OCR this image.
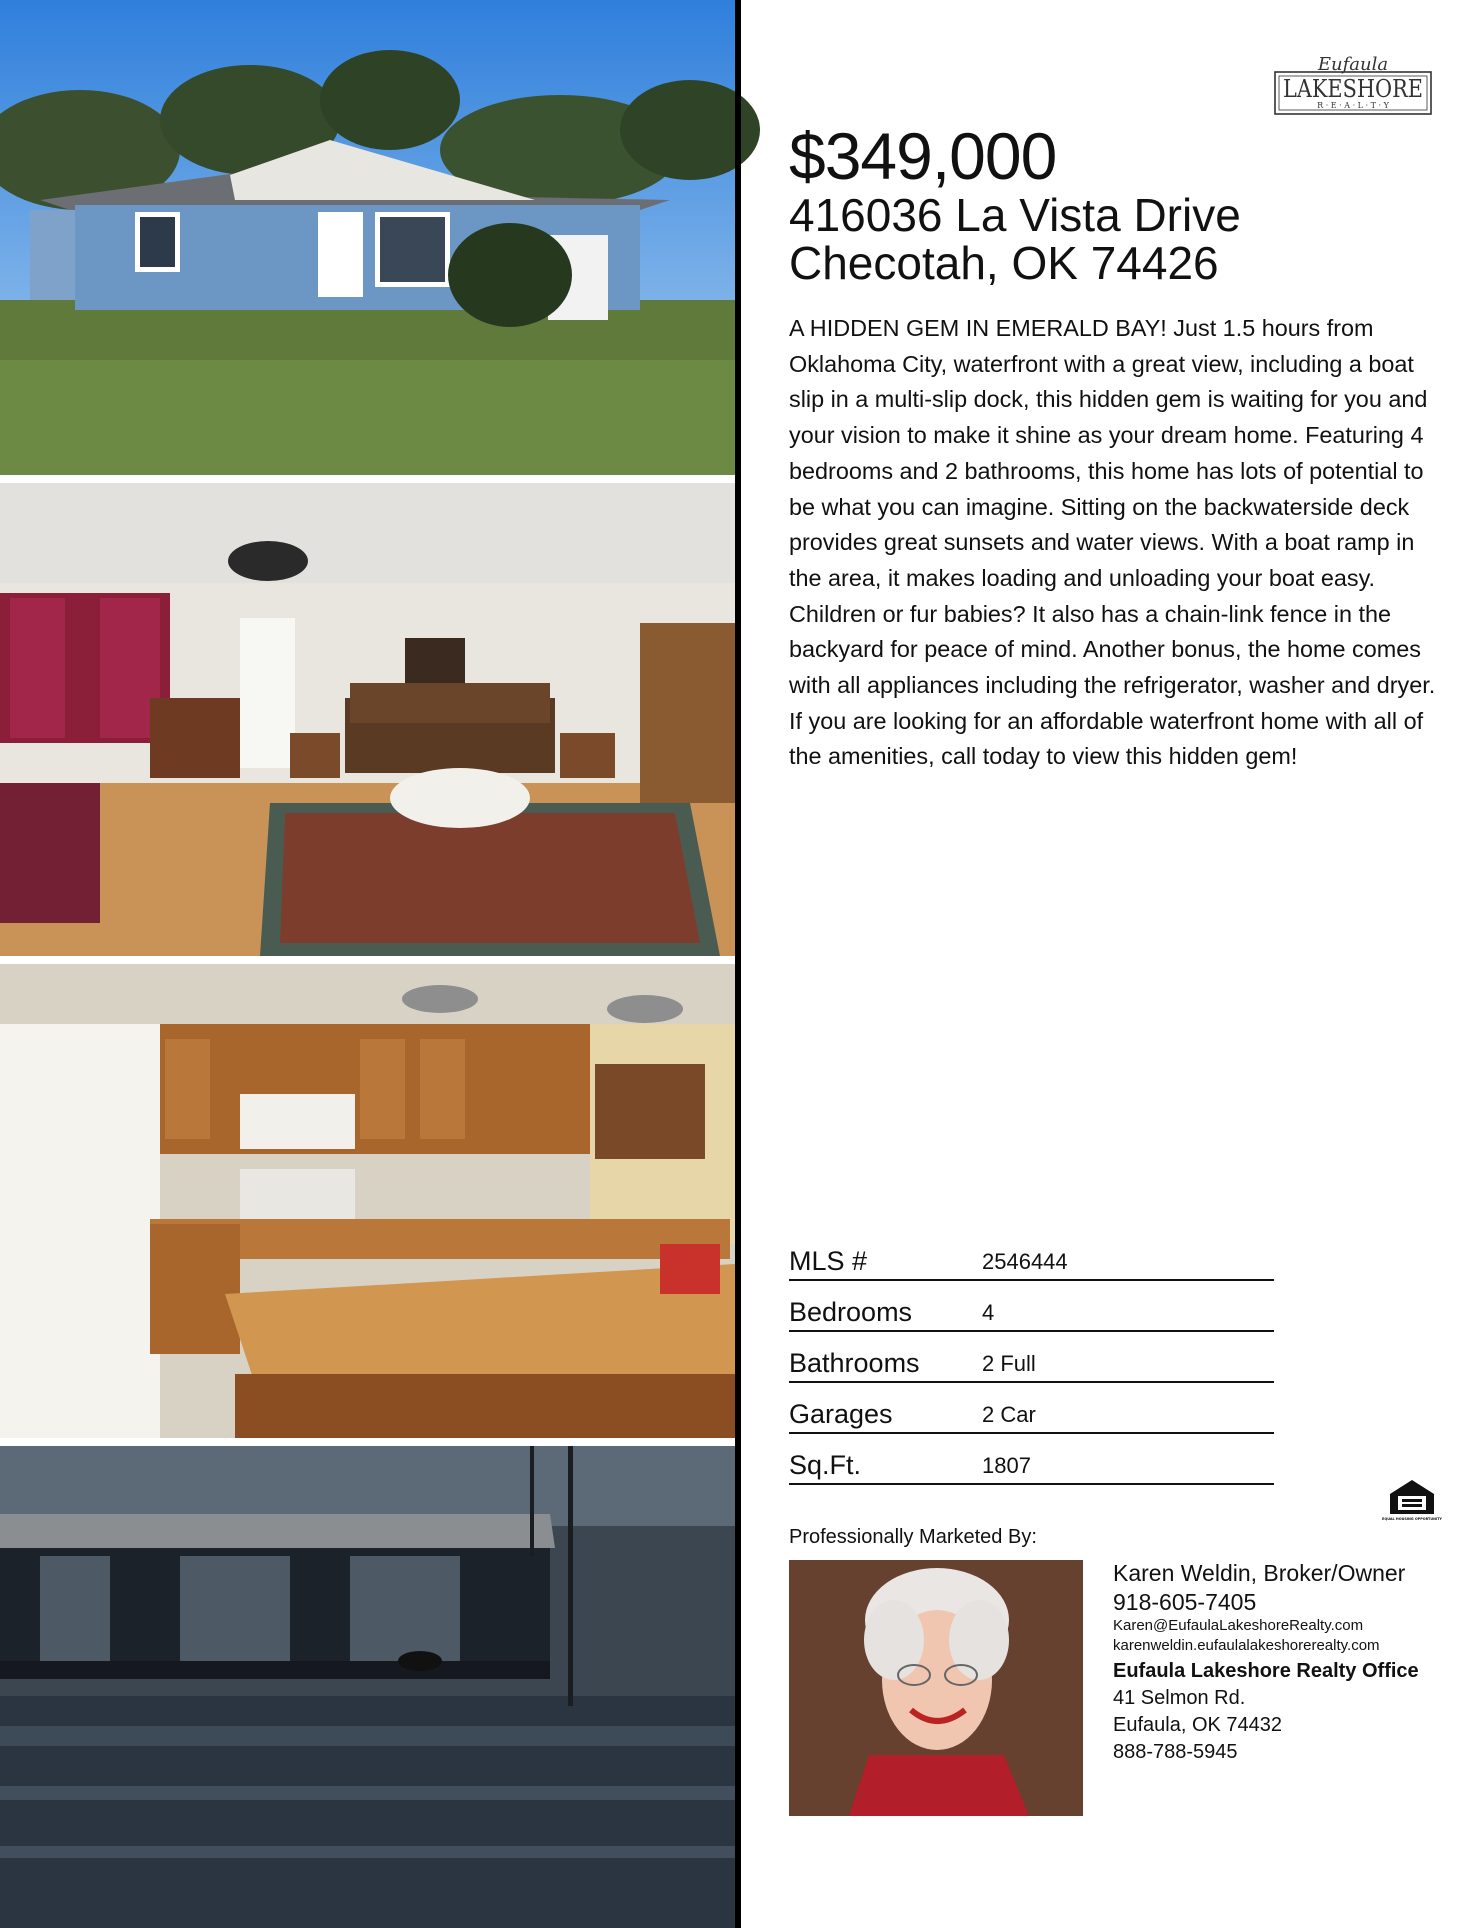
Eufaula
LAKESHORE
R · E · A · L · T · Y
$349,000
416036 La Vista Drive
Checotah, OK 74426
A HIDDEN GEM IN EMERALD BAY! Just 1.5 hours from Oklahoma City, waterfront with a great view, including a boat slip in a multi-slip dock, this hidden gem is waiting for you and your vision to make it shine as your dream home. Featuring 4 bedrooms and 2 bathrooms, this home has lots of potential to be what you can imagine. Sitting on the backwaterside deck provides great sunsets and water views. With a boat ramp in the area, it makes loading and unloading your boat easy. Children or fur babies? It also has a chain-link fence in the backyard for peace of mind. Another bonus, the home comes with all appliances including the refrigerator, washer and dryer. If you are looking for an affordable waterfront home with all of the amenities, call today to view this hidden gem!
MLS #	2546444
Bedrooms	4
Bathrooms	2 Full
Garages	2 Car
Sq.Ft.	1807
EQUAL HOUSING OPPORTUNITY
Professionally Marketed By:
Karen Weldin, Broker/Owner
918-605-7405
Karen@EufaulaLakeshoreRealty.com
karenweldin.eufaulalakeshorerealty.com
Eufaula Lakeshore Realty Office
41 Selmon Rd.
Eufaula, OK 74432
888-788-5945
